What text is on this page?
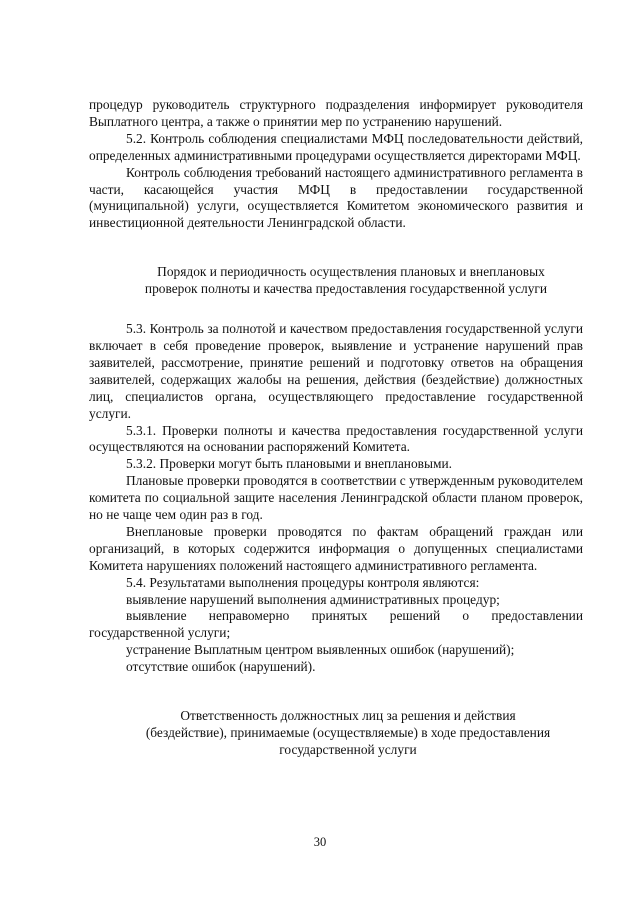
процедур руководитель структурного подразделения информирует руководителя Выплатного центра, а также о принятии мер по устранению нарушений.

5.2. Контроль соблюдения специалистами МФЦ последовательности действий, определенных административными процедурами осуществляется директорами МФЦ.

Контроль соблюдения требований настоящего административного регламента в части, касающейся участия МФЦ в предоставлении государственной (муниципальной) услуги, осуществляется Комитетом экономического развития и инвестиционной деятельности Ленинградской области.

Порядок и периодичность осуществления плановых и внеплановых
проверок полноты и качества предоставления государственной услуги

5.3. Контроль за полнотой и качеством предоставления государственной услуги включает в себя проведение проверок, выявление и устранение нарушений прав заявителей, рассмотрение, принятие решений и подготовку ответов на обращения заявителей, содержащих жалобы на решения, действия (бездействие) должностных лиц, специалистов органа, осуществляющего предоставление государственной услуги.

5.3.1. Проверки полноты и качества предоставления государственной услуги осуществляются на основании распоряжений Комитета.

5.3.2. Проверки могут быть плановыми и внеплановыми.

Плановые проверки проводятся в соответствии с утвержденным руководителем комитета по социальной защите населения Ленинградской области планом проверок, но не чаще чем один раз в год.

Внеплановые проверки проводятся по фактам обращений граждан или организаций, в которых содержится информация о допущенных специалистами Комитета нарушениях положений настоящего административного регламента.

5.4. Результатами выполнения процедуры контроля являются:

выявление нарушений выполнения административных процедур;

выявление неправомерно принятых решений о предоставлении государственной услуги;

устранение Выплатным центром выявленных ошибок (нарушений);

отсутствие ошибок (нарушений).

Ответственность должностных лиц за решения и действия
(бездействие), принимаемые (осуществляемые) в ходе предоставления
государственной услуги
30
